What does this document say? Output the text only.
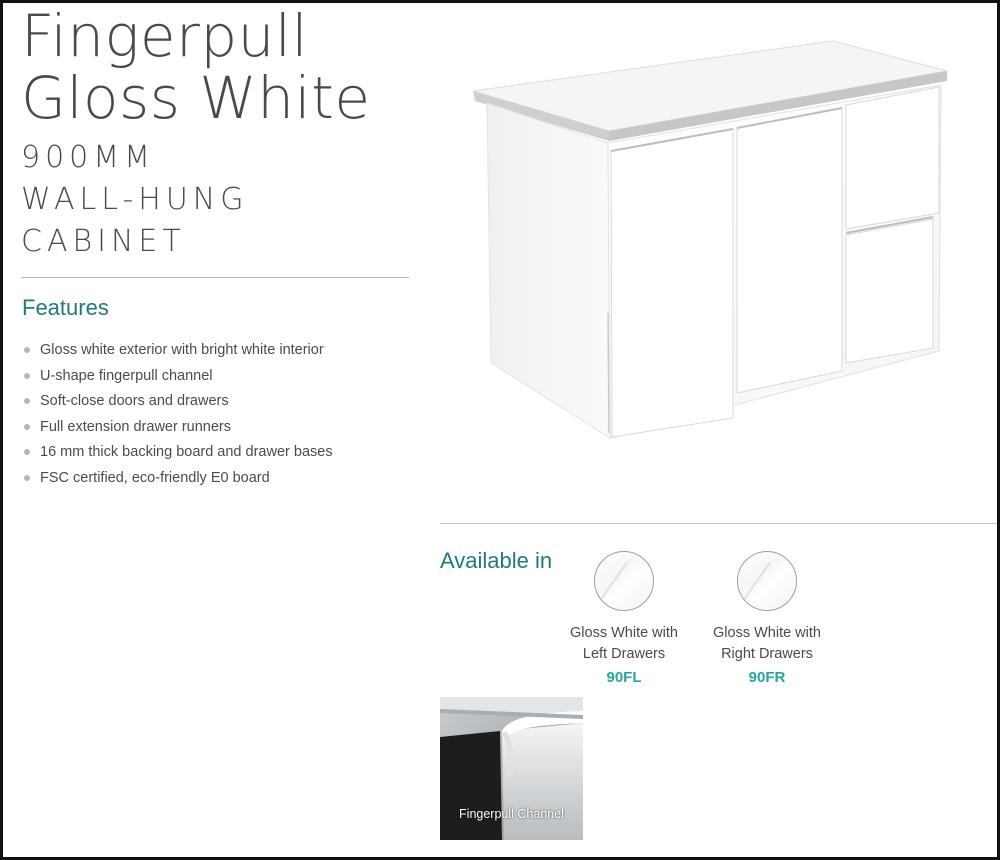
Fingerpull
Gloss White
900MM
WALL-HUNG
CABINET
Features
Gloss white exterior with bright white interior
U-shape fingerpull channel
Soft-close doors and drawers
Full extension drawer runners
16 mm thick backing board and drawer bases
FSC certified, eco-friendly E0 board
Available in
Gloss White with
Left Drawers
90FL
Gloss White with
Right Drawers
90FR
Fingerpull Channel
